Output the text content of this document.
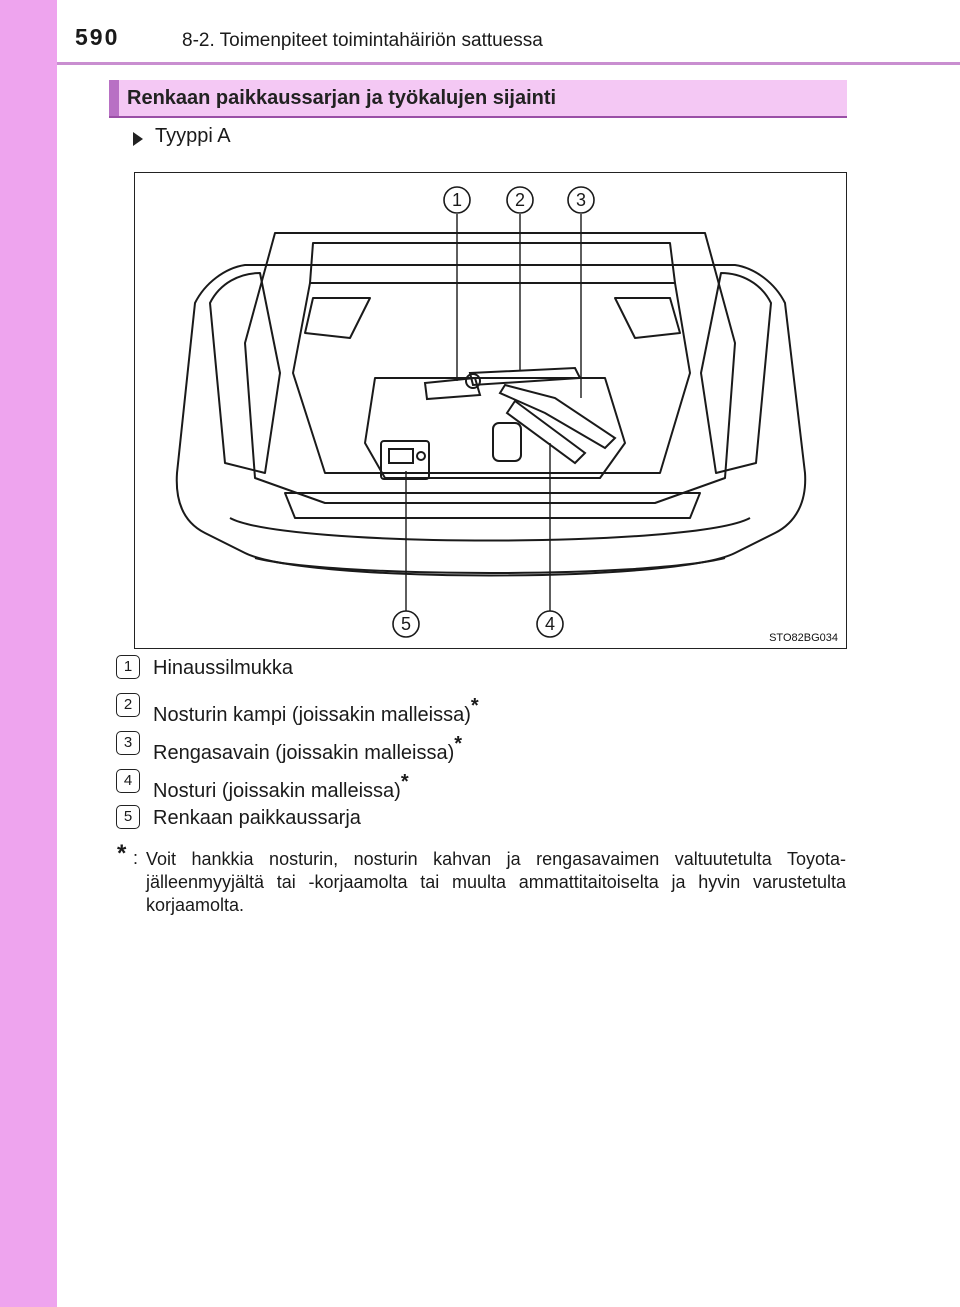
590	8-2. Toimenpiteet toimintahäiriön sattuessa
Renkaan paikkaussarjan ja työkalujen sijainti
Tyyppi A
1	2	3
4
5
STO82BG034
1	Hinaussilmukka
2	Nosturin kampi (joissakin malleissa)*
3	Rengasavain (joissakin malleissa)*
4	Nosturi (joissakin malleissa)*
5	Renkaan paikkaussarja
* : Voit hankkia nosturin, nosturin kahvan ja rengasavaimen valtuutetulta Toyota-jälleenmyyjältä tai -korjaamolta tai muulta ammattitaitoiselta ja hyvin varustetulta korjaamolta.
